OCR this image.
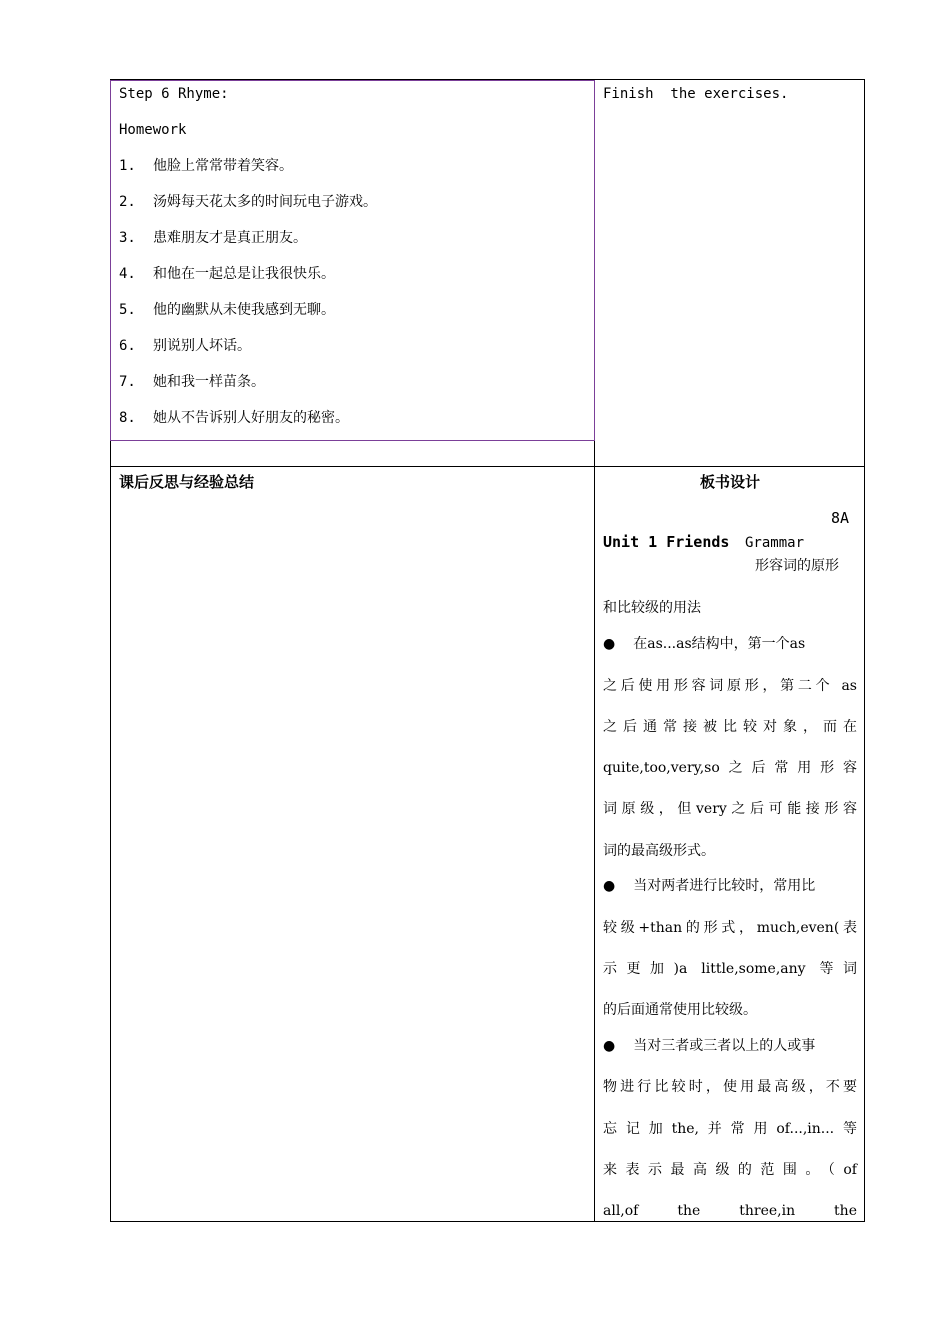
Step 6 Rhyme:
Homework
1. 他脸上常常带着笑容。
2. 汤姆每天花太多的时间玩电子游戏。
3. 患难朋友才是真正朋友。
4. 和他在一起总是让我很快乐。
5. 他的幽默从未使我感到无聊。
6. 别说别人坏话。
7. 她和我一样苗条。
8. 她从不告诉别人好朋友的秘密。
Finish  the exercises.
课后反思与经验总结	板书设计
8A
Unit 1 Friends Grammar
形容词的原形
和比较级的用法
● 在as...as结构中，第一个as
之后使用形容词原形，第二个 as
之后通常接被比较对象，而在
quite,too,very,so之后常用形容
词原级，但very之后可能接形容
词的最高级形式。
● 当对两者进行比较时，常用比
较级+than的形式，much,even(表
示更加)a little,some,any 等词
的后面通常使用比较级。
● 当对三者或三者以上的人或事
物进行比较时，使用最高级，不要
忘记加the,并常用of...,in...等
来表示最高级的范围。（of
all,of  the  three,in  the
